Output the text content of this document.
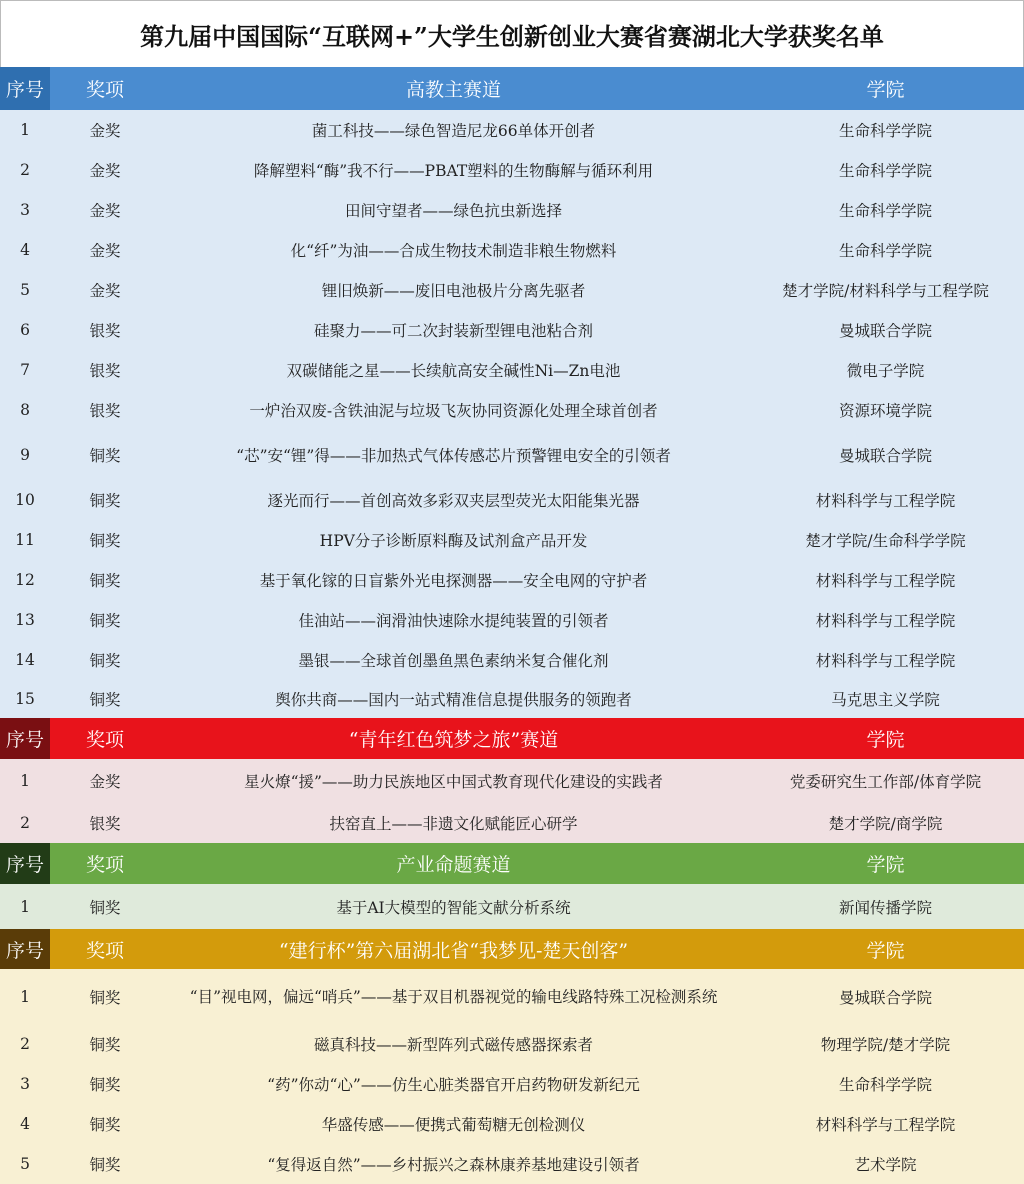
第九届中国国际“互联网+”大学生创新创业大赛省赛湖北大学获奖名单
序号	奖项	高教主赛道	学院
1	金奖	菌工科技——绿色智造尼龙66单体开创者	生命科学学院
2	金奖	降解塑料“酶”我不行——PBAT塑料的生物酶解与循环利用	生命科学学院
3	金奖	田间守望者——绿色抗虫新选择	生命科学学院
4	金奖	化“纤”为油——合成生物技术制造非粮生物燃料	生命科学学院
5	金奖	锂旧焕新——废旧电池极片分离先驱者	楚才学院/材料科学与工程学院
6	银奖	硅聚力——可二次封装新型锂电池粘合剂	曼城联合学院
7	银奖	双碳储能之星——长续航高安全碱性Ni—Zn电池	微电子学院
8	银奖	一炉治双废-含铁油泥与垃圾飞灰协同资源化处理全球首创者	资源环境学院
9	铜奖	“芯”安“锂”得——非加热式气体传感芯片预警锂电安全的引领者	曼城联合学院
10	铜奖	逐光而行——首创高效多彩双夹层型荧光太阳能集光器	材料科学与工程学院
11	铜奖	HPV分子诊断原料酶及试剂盒产品开发	楚才学院/生命科学学院
12	铜奖	基于氧化镓的日盲紫外光电探测器——安全电网的守护者	材料科学与工程学院
13	铜奖	佳油站——润滑油快速除水提纯装置的引领者	材料科学与工程学院
14	铜奖	墨银——全球首创墨鱼黑色素纳米复合催化剂	材料科学与工程学院
15	铜奖	舆你共商——国内一站式精准信息提供服务的领跑者	马克思主义学院
序号	奖项	“青年红色筑梦之旅”赛道	学院
1	金奖	星火燎“援”——助力民族地区中国式教育现代化建设的实践者	党委研究生工作部/体育学院
2	银奖	扶窑直上——非遗文化赋能匠心研学	楚才学院/商学院
序号	奖项	产业命题赛道	学院
1	铜奖	基于AI大模型的智能文献分析系统	新闻传播学院
序号	奖项	“建行杯”第六届湖北省“我梦见-楚天创客”	学院
1	铜奖	“目”视电网，偏远“哨兵”——基于双目机器视觉的输电线路特殊工况检测系统	曼城联合学院
2	铜奖	磁真科技——新型阵列式磁传感器探索者	物理学院/楚才学院
3	铜奖	“药”你动“心”——仿生心脏类器官开启药物研发新纪元	生命科学学院
4	铜奖	华盛传感——便携式葡萄糖无创检测仪	材料科学与工程学院
5	铜奖	“复得返自然”——乡村振兴之森林康养基地建设引领者	艺术学院
